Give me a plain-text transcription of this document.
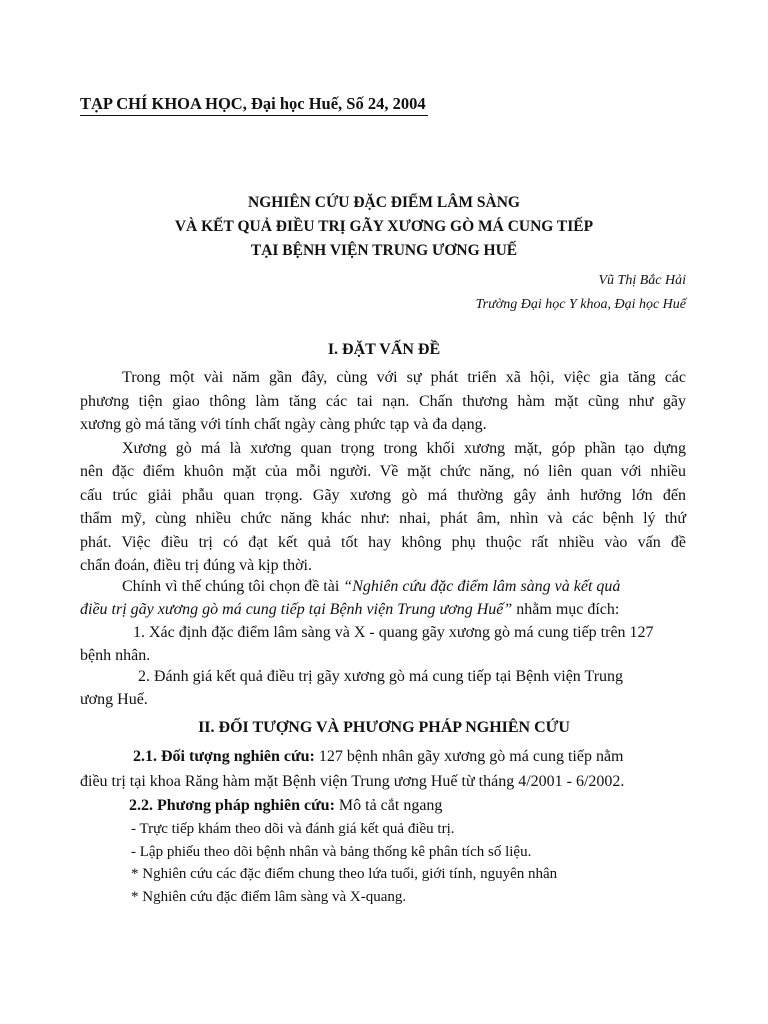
TẠP CHÍ KHOA HỌC, Đại học Huế, Số 24, 2004
NGHIÊN CỨU ĐẶC ĐIỂM LÂM SÀNG
VÀ KẾT QUẢ ĐIỀU TRỊ GÃY XƯƠNG GÒ MÁ CUNG TIẾP
TẠI BỆNH VIỆN TRUNG ƯƠNG HUẾ
Vũ Thị Bắc Hải
Trường Đại học Y khoa, Đại học Huế
I. ĐẶT VẤN ĐỀ
Trong một vài năm gần đây, cùng với sự phát triển xã hội, việc gia tăng các
phương tiện giao thông làm tăng các tai nạn. Chấn thương hàm mặt cũng như gãy
xương gò má tăng với tính chất ngày càng phức tạp và đa dạng.
Xương gò má là xương quan trọng trong khối xương mặt, góp phần tạo dựng
nên đặc điểm khuôn mặt của mỗi người. Về mặt chức năng, nó liên quan với nhiều
cấu trúc giải phẫu quan trọng. Gãy xương gò má thường gây ảnh hưởng lớn đến
thẩm mỹ, cùng nhiều chức năng khác như: nhai, phát âm, nhìn và các bệnh lý thứ
phát. Việc điều trị có đạt kết quả tốt hay không phụ thuộc rất nhiều vào vấn đề
chẩn đoán, điều trị đúng và kịp thời.
Chính vì thế chúng tôi chọn đề tài “Nghiên cứu đặc điểm lâm sàng và kết quả
điều trị gãy xương gò má cung tiếp tại Bệnh viện Trung ương Huế” nhằm mục đích:
1. Xác định đặc điểm lâm sàng và X - quang gãy xương gò má cung tiếp trên 127
bệnh nhân.
2. Đánh giá kết quả điều trị gãy xương gò má cung tiếp tại Bệnh viện Trung
ương Huế.
II. ĐỐI TƯỢNG VÀ PHƯƠNG PHÁP NGHIÊN CỨU
2.1. Đối tượng nghiên cứu: 127 bệnh nhân gãy xương gò má cung tiếp nằm
điều trị tại khoa Răng hàm mặt Bệnh viện Trung ương Huế từ tháng 4/2001 - 6/2002.
2.2. Phương pháp nghiên cứu: Mô tả cắt ngang
- Trực tiếp khám theo dõi và đánh giá kết quả điều trị.
- Lập phiếu theo dõi bệnh nhân và bảng thống kê phân tích số liệu.
* Nghiên cứu các đặc điểm chung theo lứa tuổi, giới tính, nguyên nhân
* Nghiên cứu đặc điểm lâm sàng và X-quang.
